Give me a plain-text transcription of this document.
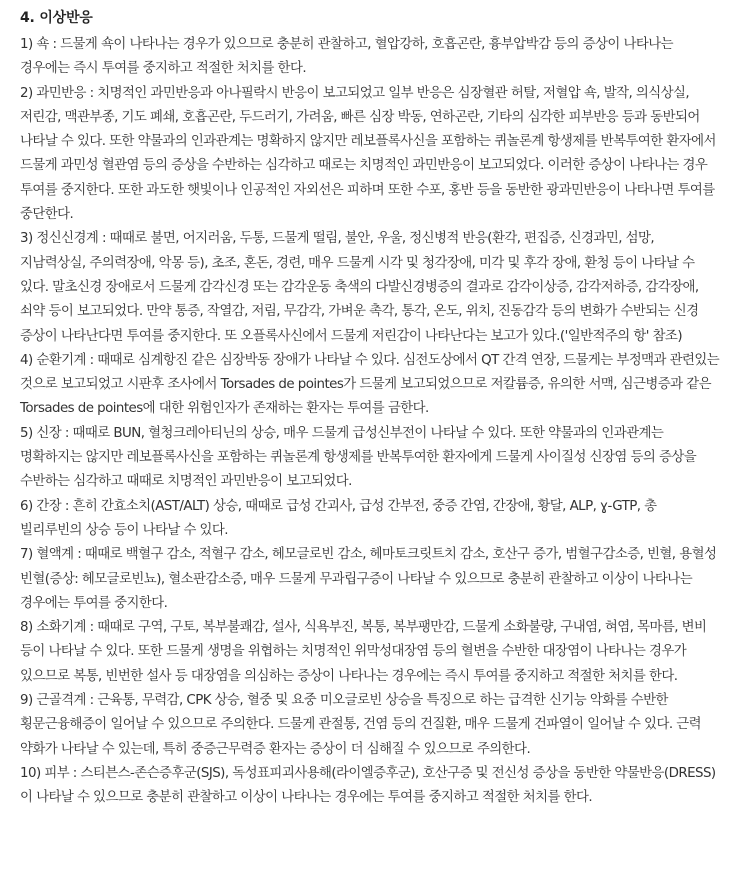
4. 이상반응

1) 쇽 : 드물게 쇽이 나타나는 경우가 있으므로 충분히 관찰하고, 혈압강하, 호흡곤란, 흉부압박감 등의 증상이 나타나는 경우에는 즉시 투여를 중지하고 적절한 처치를 한다.

2) 과민반응 : 치명적인 과민반응과 아나필락시 반응이 보고되었고 일부 반응은 심장혈관 허탈, 저혈압 쇽, 발작, 의식상실, 저린감, 맥관부종, 기도 폐쇄, 호흡곤란, 두드러기, 가려움, 빠른 심장 박동, 연하곤란, 기타의 심각한 피부반응 등과 동반되어 나타날 수 있다. 또한 약물과의 인과관계는 명확하지 않지만 레보플록사신을 포함하는 퀴놀론계 항생제를 반복투여한 환자에서 드물게 과민성 혈관염 등의 증상을 수반하는 심각하고 때로는 치명적인 과민반응이 보고되었다. 이러한 증상이 나타나는 경우 투여를 중지한다. 또한 과도한 햇빛이나 인공적인 자외선은 피하며 또한 수포, 홍반 등을 동반한 광과민반응이 나타나면 투여를 중단한다.

3) 정신신경계 : 때때로 불면, 어지러움, 두통, 드물게 떨림, 불안, 우울, 정신병적 반응(환각, 편집증, 신경과민, 섬망, 지남력상실, 주의력장애, 악몽 등), 초조, 혼돈, 경련, 매우 드물게 시각 및 청각장애, 미각 및 후각 장애, 환청 등이 나타날 수 있다. 말초신경 장애로서 드물게 감각신경 또는 감각운동 축색의 다발신경병증의 결과로 감각이상증, 감각저하증, 감각장애, 쇠약 등이 보고되었다. 만약 통증, 작열감, 저림, 무감각, 가벼운 촉각, 통각, 온도, 위치, 진동감각 등의 변화가 수반되는 신경 증상이 나타난다면 투여를 중지한다. 또 오플록사신에서 드물게 저린감이 나타난다는 보고가 있다.('일반적주의 항' 참조)

4) 순환기계 : 때때로 심계항진 같은 심장박동 장애가 나타날 수 있다. 심전도상에서 QT 간격 연장, 드물게는 부정맥과 관련있는 것으로 보고되었고 시판후 조사에서 Torsades de pointes가 드물게 보고되었으므로 저칼륨증, 유의한 서맥, 심근병증과 같은 Torsades de pointes에 대한 위험인자가 존재하는 환자는 투여를 금한다.

5) 신장 : 때때로 BUN, 혈청크레아티닌의 상승, 매우 드물게 급성신부전이 나타날 수 있다. 또한 약물과의 인과관계는 명확하지는 않지만 레보플록사신을 포함하는 퀴놀론계 항생제를 반복투여한 환자에게 드물게 사이질성 신장염 등의 증상을 수반하는 심각하고 때때로 치명적인 과민반응이 보고되었다.

6) 간장 : 흔히 간효소치(AST/ALT) 상승, 때때로 급성 간괴사, 급성 간부전, 중증 간염, 간장애, 황달, ALP, ɣ-GTP, 총 빌리루빈의 상승 등이 나타날 수 있다.

7) 혈액계 : 때때로 백혈구 감소, 적혈구 감소, 헤모글로빈 감소, 헤마토크릿트치 감소, 호산구 증가, 범혈구감소증, 빈혈, 용혈성 빈혈(증상: 헤모글로빈뇨), 혈소판감소증, 매우 드물게 무과립구증이 나타날 수 있으므로 충분히 관찰하고 이상이 나타나는 경우에는 투여를 중지한다.

8) 소화기계 : 때때로 구역, 구토, 복부불쾌감, 설사, 식욕부진, 복통, 복부팽만감, 드물게 소화불량, 구내염, 혀염, 목마름, 변비 등이 나타날 수 있다. 또한 드물게 생명을 위협하는 치명적인 위막성대장염 등의 혈변을 수반한 대장염이 나타나는 경우가 있으므로 복통, 빈번한 설사 등 대장염을 의심하는 증상이 나타나는 경우에는 즉시 투여를 중지하고 적절한 처치를 한다.

9) 근골격계 : 근육통, 무력감, CPK 상승, 혈중 및 요중 미오글로빈 상승을 특징으로 하는 급격한 신기능 악화를 수반한 횡문근융해증이 일어날 수 있으므로 주의한다. 드물게 관절통, 건염 등의 건질환, 매우 드물게 건파열이 일어날 수 있다. 근력 약화가 나타날 수 있는데, 특히 중증근무력증 환자는 증상이 더 심해질 수 있으므로 주의한다.

10) 피부 : 스티븐스-존슨증후군(SJS), 독성표피괴사용해(라이엘증후군), 호산구증 및 전신성 증상을 동반한 약물반응(DRESS)이 나타날 수 있으므로 충분히 관찰하고 이상이 나타나는 경우에는 투여를 중지하고 적절한 처치를 한다.
